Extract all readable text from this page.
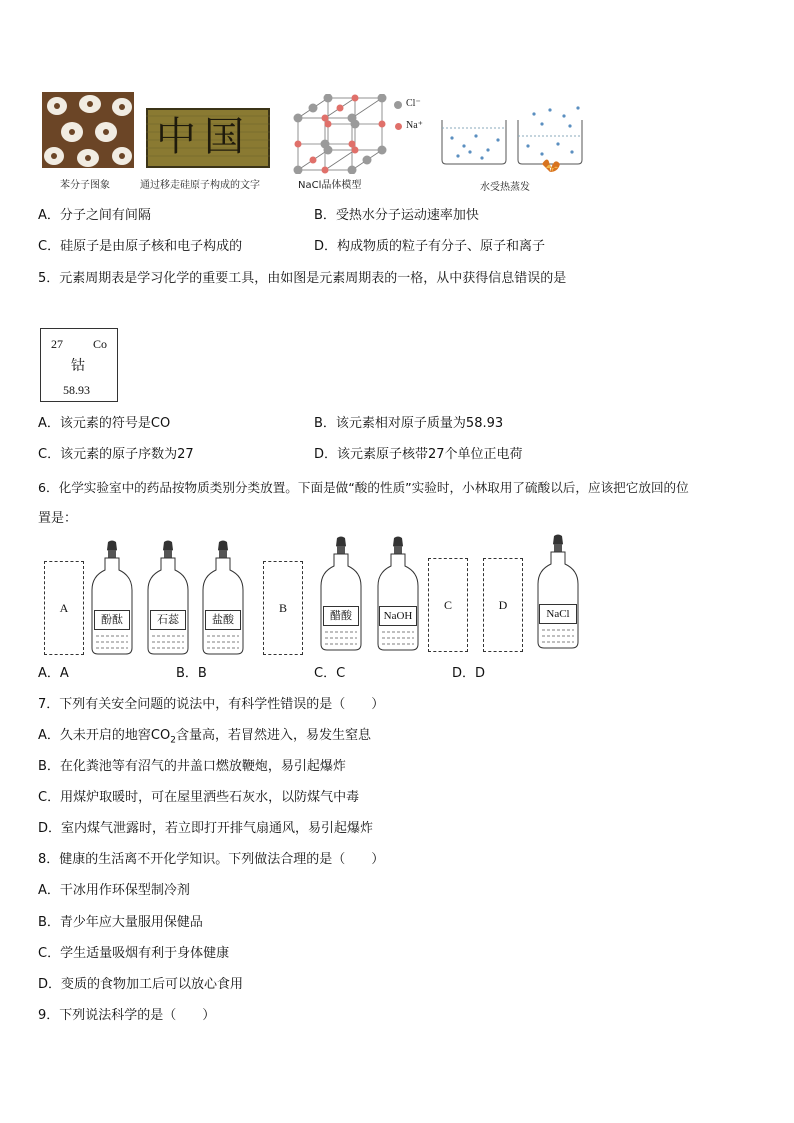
苯分子图象
中国
通过移走硅原子构成的文字
Cl⁻
Na⁺
NaCl晶体模型	水受热蒸发
A．分子之间有间隔	B．受热水分子运动速率加快
C．硅原子是由原子核和电子构成的	D．构成物质的粒子有分子、原子和离子
5．元素周期表是学习化学的重要工具，由如图是元素周期表的一格，从中获得信息错误的是
27	Co
钴
58.93
A．该元素的符号是CO	B．该元素相对原子质量为58.93
C．该元素的原子序数为27	D．该元素原子核带27个单位正电荷
6．化学实验室中的药品按物质类别分类放置。下面是做“酸的性质”实验时，小林取用了硫酸以后，应该把它放回的位
置是：
A	B	C	D
酚酞	石蕊	盐酸	醋酸	NaOH	NaCl
A．A	B．B	C．C	D．D
7．下列有关安全问题的说法中，有科学性错误的是（　　）
A．久未开启的地窖$CO_2$含量高，若冒然进入，易发生窒息
B．在化粪池等有沼气的井盖口燃放鞭炮，易引起爆炸
C．用煤炉取暖时，可在屋里洒些石灰水，以防煤气中毒
D．室内煤气泄露时，若立即打开排气扇通风，易引起爆炸
8．健康的生活离不开化学知识。下列做法合理的是（　　）
A．干冰用作环保型制冷剂
B．青少年应大量服用保健品
C．学生适量吸烟有利于身体健康
D．变质的食物加工后可以放心食用
9．下列说法科学的是（　　）
